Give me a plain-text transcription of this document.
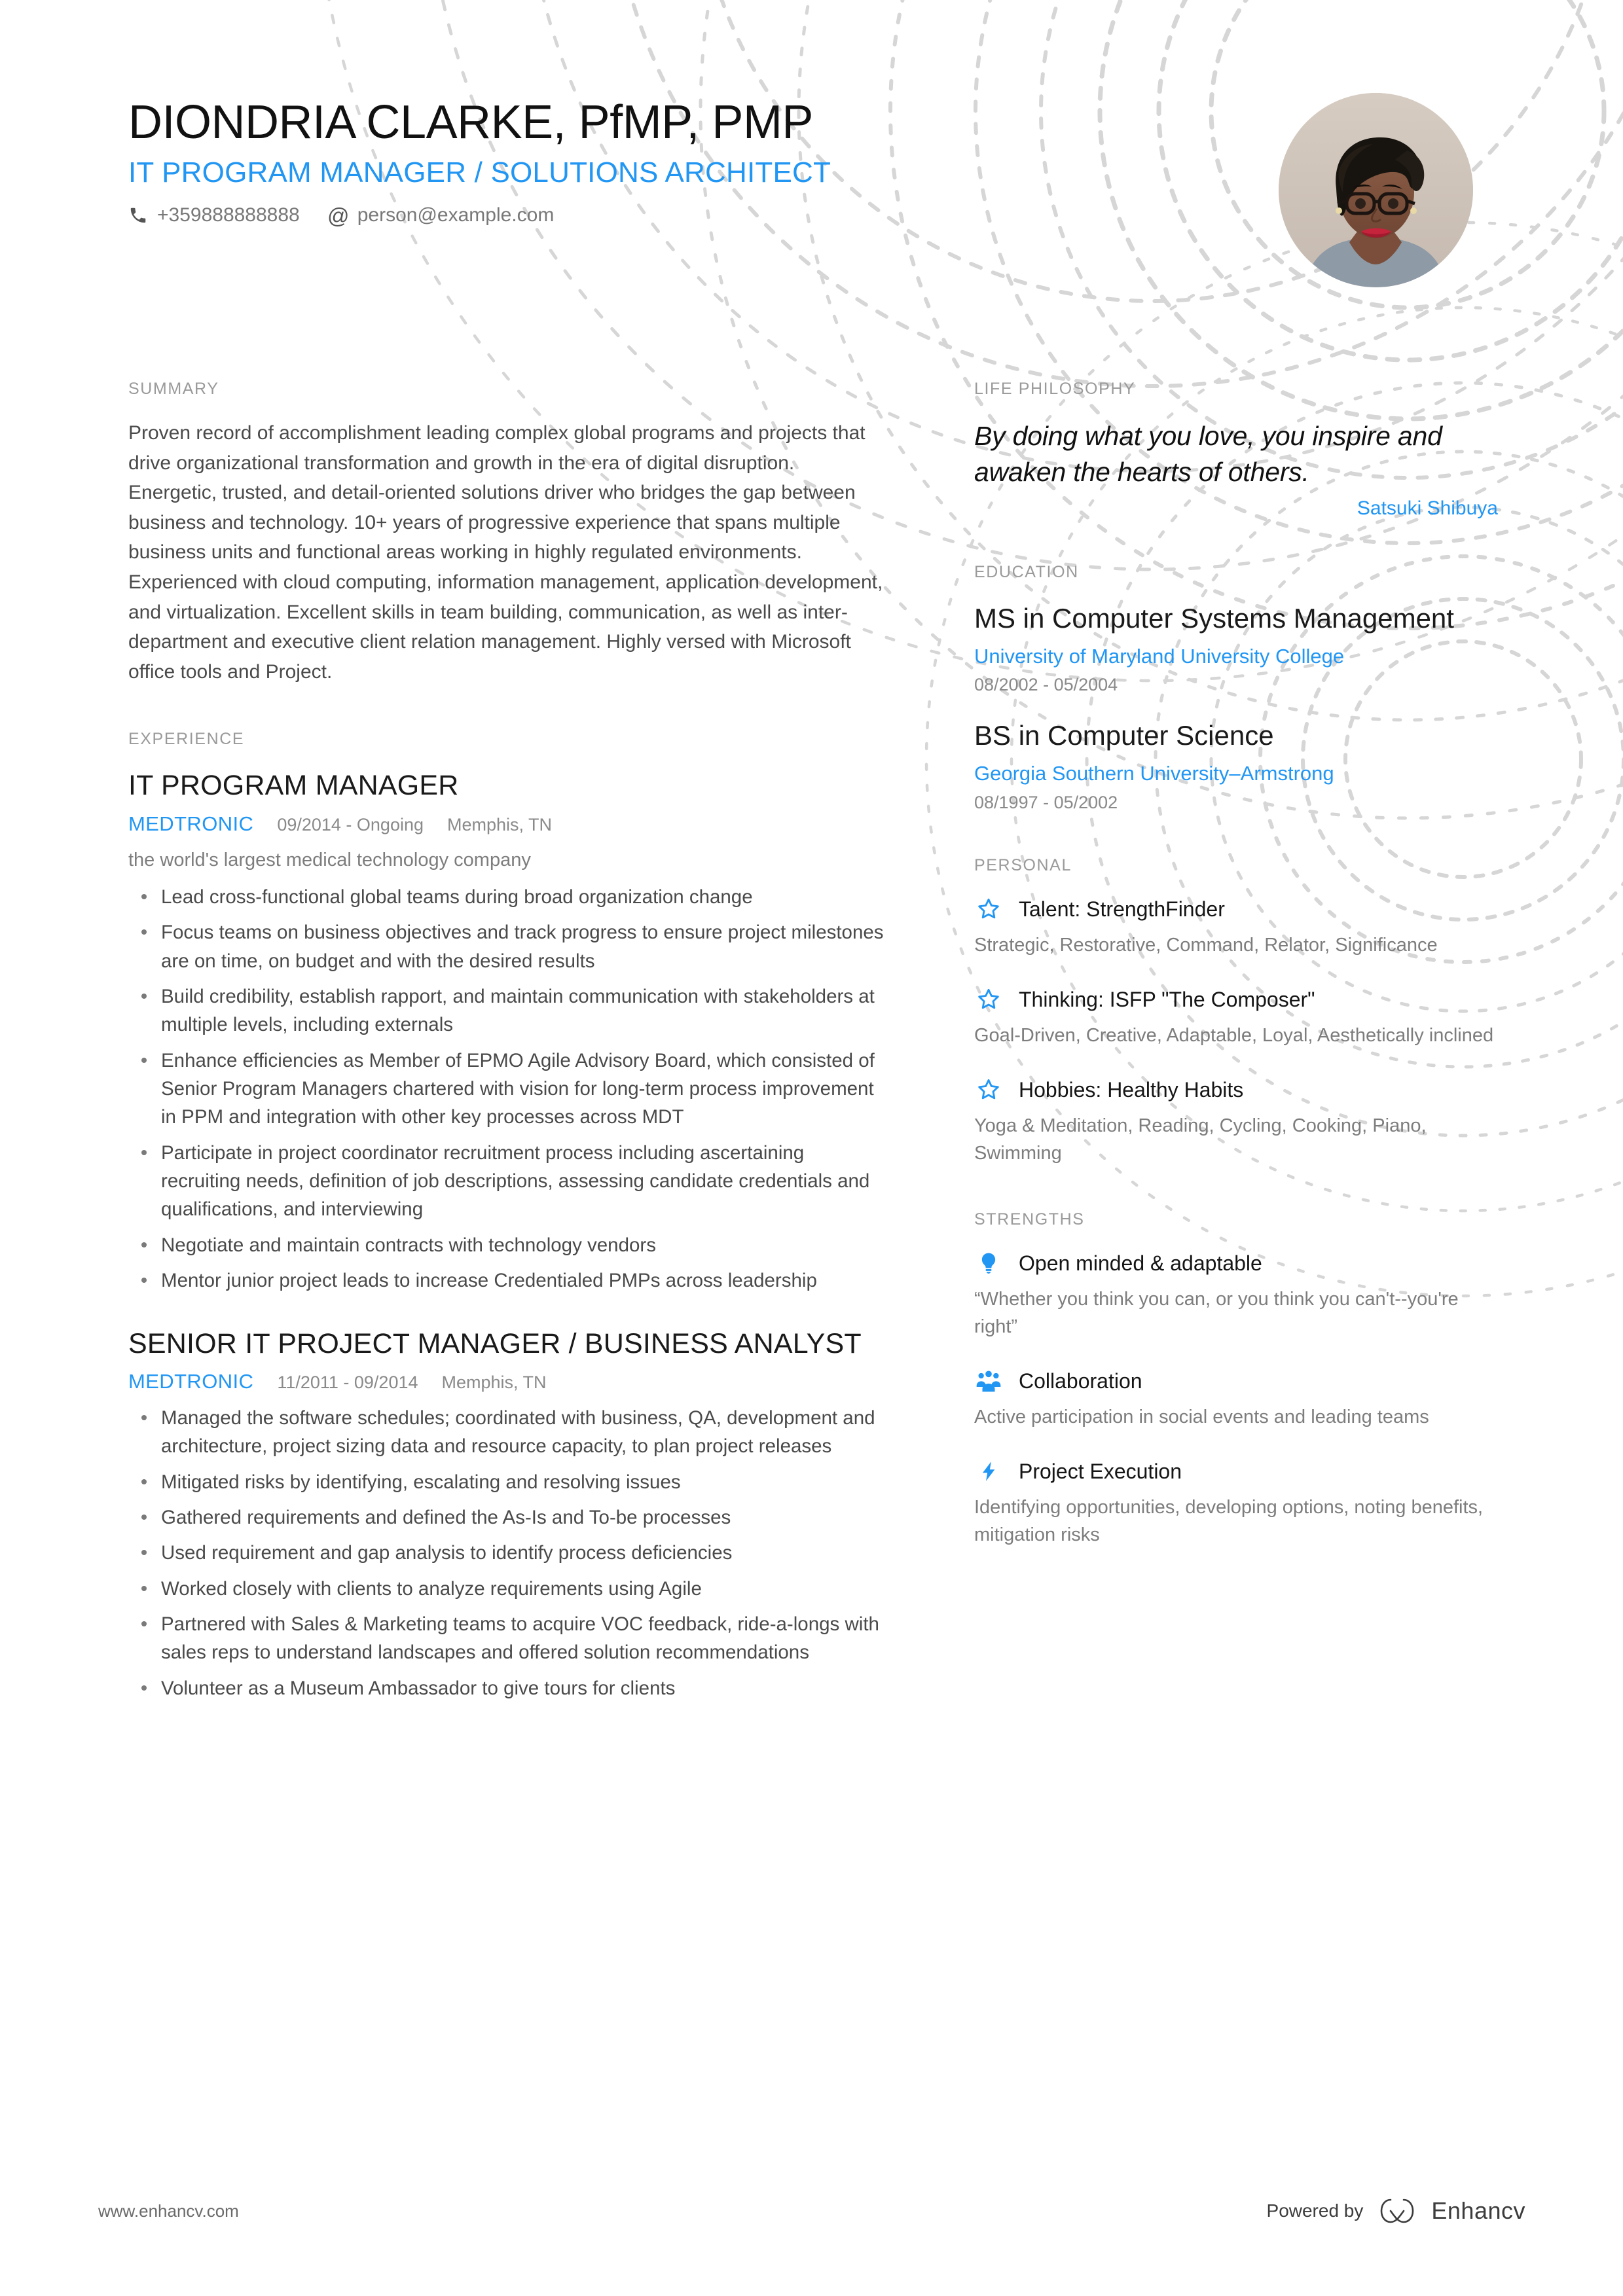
DIONDRIA CLARKE, PfMP, PMP
IT PROGRAM MANAGER / SOLUTIONS ARCHITECT
+359888888888 @ person@example.com
SUMMARY

Proven record of accomplishment leading complex global programs and projects that drive organizational transformation and growth in the era of digital disruption. Energetic, trusted, and detail-oriented solutions driver who bridges the gap between business and technology. 10+ years of progressive experience that spans multiple business units and functional areas working in highly regulated environments. Experienced with cloud computing, information management, application development, and virtualization. Excellent skills in team building, communication, as well as inter-department and executive client relation management. Highly versed with Microsoft office tools and Project.

EXPERIENCE
IT PROGRAM MANAGER
MEDTRONIC 09/2014 - Ongoing Memphis, TN

the world's largest medical technology company

Lead cross-functional global teams during broad organization change
Focus teams on business objectives and track progress to ensure project milestones are on time, on budget and with the desired results
Build credibility, establish rapport, and maintain communication with stakeholders at multiple levels, including externals
Enhance efficiencies as Member of EPMO Agile Advisory Board, which consisted of Senior Program Managers chartered with vision for long-term process improvement in PPM and integration with other key processes across MDT
Participate in project coordinator recruitment process including ascertaining recruiting needs, definition of job descriptions, assessing candidate credentials and qualifications, and interviewing
Negotiate and maintain contracts with technology vendors
Mentor junior project leads to increase Credentialed PMPs across leadership
SENIOR IT PROJECT MANAGER / BUSINESS ANALYST
MEDTRONIC 11/2011 - 09/2014 Memphis, TN
Managed the software schedules; coordinated with business, QA, development and architecture, project sizing data and resource capacity, to plan project releases
Mitigated risks by identifying, escalating and resolving issues
Gathered requirements and defined the As-Is and To-be processes
Used requirement and gap analysis to identify process deficiencies
Worked closely with clients to analyze requirements using Agile
Partnered with Sales & Marketing teams to acquire VOC feedback, ride-a-longs with sales reps to understand landscapes and offered solution recommendations
Volunteer as a Museum Ambassador to give tours for clients
LIFE PHILOSOPHY

By doing what you love, you inspire and awaken the hearts of others.

Satsuki Shibuya
EDUCATION
MS in Computer Systems Management
University of Maryland University College
08/2002 - 05/2004
BS in Computer Science
Georgia Southern University–Armstrong
08/1997 - 05/2002
PERSONAL
Talent: StrengthFinder

Strategic, Restorative, Command, Relator, Significance

Thinking: ISFP "The Composer"

Goal-Driven, Creative, Adaptable, Loyal, Aesthetically inclined

Hobbies: Healthy Habits

Yoga & Meditation, Reading, Cycling, Cooking, Piano, Swimming

STRENGTHS
Open minded & adaptable

“Whether you think you can, or you think you can't--you're right”

Collaboration

Active participation in social events and leading teams

Project Execution

Identifying opportunities, developing options, noting benefits, mitigation risks

www.enhancv.com	Powered by	Enhancv
